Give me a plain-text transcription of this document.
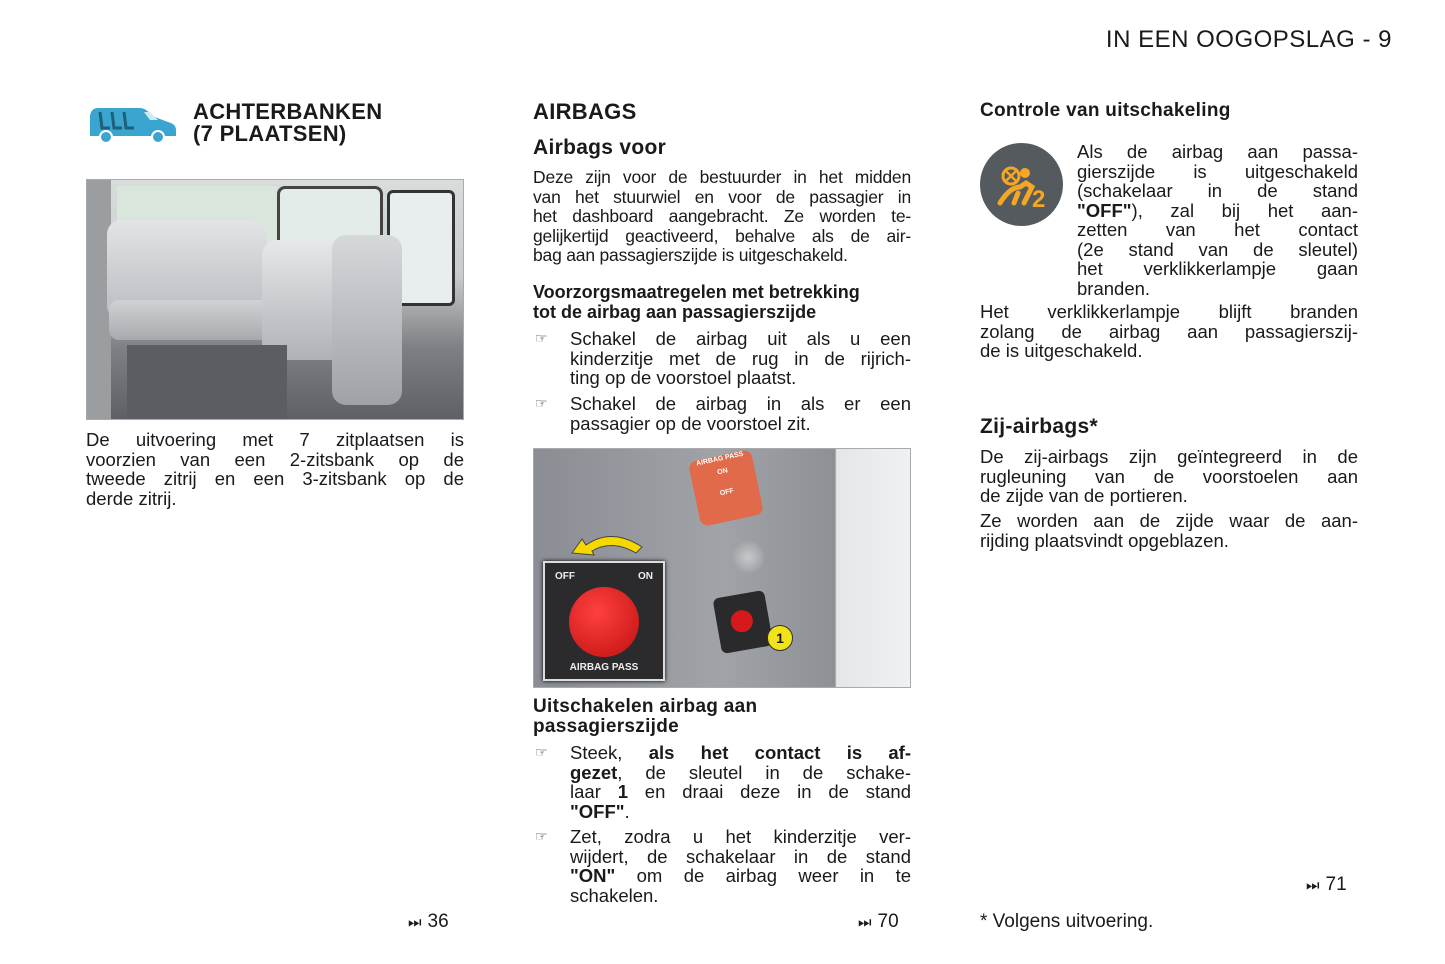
IN EEN OOGOPSLAG - 9
ACHTERBANKEN
(7 PLAATSEN)
De uitvoering met 7 zitplaatsen is
voorzien van een 2-zitsbank op de
tweede zitrij en een 3-zitsbank op de
derde zitrij.
⏭ 36
AIRBAGS
Airbags voor
Deze zijn voor de bestuurder in het midden
van het stuurwiel en voor de passagier in
het dashboard aangebracht. Ze worden te-
gelijkertijd geactiveerd, behalve als de air-
bag aan passagierszijde is uitgeschakeld.
Voorzorgsmaatregelen met betrekking
tot de airbag aan passagierszijde
☞ Schakel de airbag uit als u een
kinderzitje met de rug in de rijrich-
ting op de voorstoel plaatst.
☞ Schakel de airbag in als er een
passagier op de voorstoel zit.
AIRBAG PASS
ON
OFF
1
OFF	ON
AIRBAG PASS
Uitschakelen airbag aan
passagierszijde
☞ Steek, als het contact is af-
gezet, de sleutel in de schake-
laar 1 en draai deze in de stand
"OFF".
☞ Zet, zodra u het kinderzitje ver-
wijdert, de schakelaar in de stand
"ON" om de airbag weer in te
schakelen.
⏭ 70
Controle van uitschakeling
2
Als de airbag aan passa-
gierszijde is uitgeschakeld
(schakelaar in de stand
"OFF"), zal bij het aan-
zetten van het contact
(2e stand van de sleutel)
het verklikkerlampje gaan
branden.
Het verklikkerlampje blijft branden
zolang de airbag aan passagierszij-
de is uitgeschakeld.
Zij-airbags*
De zij-airbags zijn geïntegreerd in de
rugleuning van de voorstoelen aan
de zijde van de portieren.
Ze worden aan de zijde waar de aan-
rijding plaatsvindt opgeblazen.
⏭ 71
* Volgens uitvoering.
